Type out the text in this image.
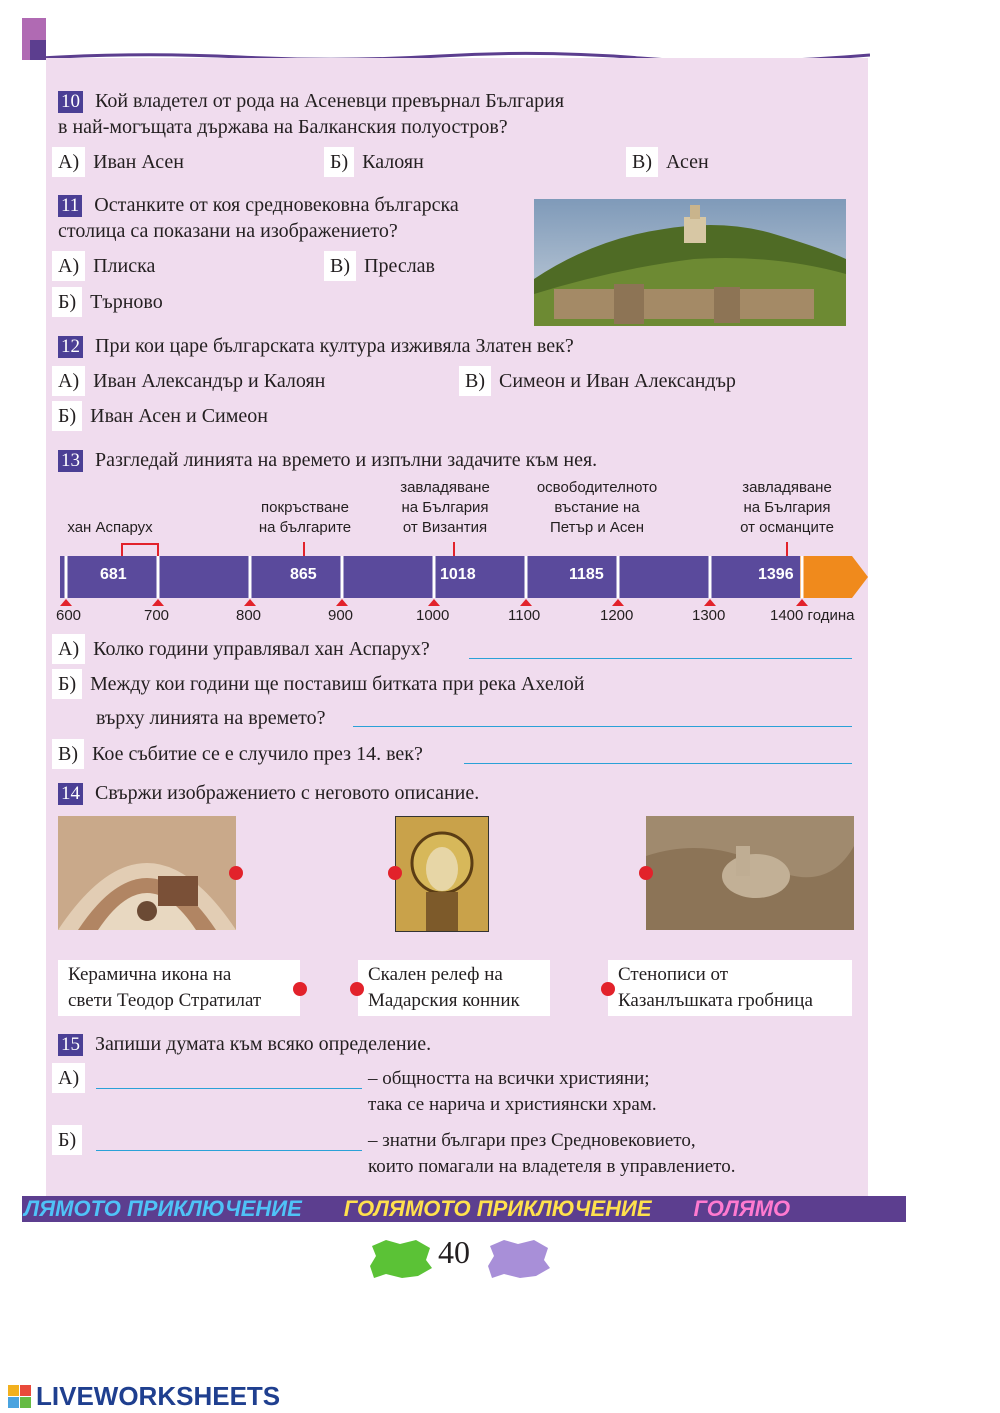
10 Кой владетел от рода на Асеневци превърнал България
в най-могъщата държава на Балканския полуостров?
А) Иван Асен	Б) Калоян	В) Асен
11 Останките от коя средновековна българска
столица са показани на изображението?
А) Плиска	В) Преслав
Б) Търново
12 При кои царе българската култура изживяла Златен век?
А) Иван Александър и Калоян	В) Симеон и Иван Александър
Б) Иван Асен и Симеон
13 Разгледай линията на времето и изпълни задачите към нея.
хан Аспарух
покръстване
на българите
завладяване
на България
от Византия
освободителното
въстание на
Петър и Асен
завладяване
на България
от османците
681	865	1018	1185	1396
600	700	800	900	1000	1100	1200	1300	1400 година
А) Колко години управлявал хан Аспарух?
Б) Между кои години ще поставиш битката при река Ахелой
върху линията на времето?
В) Кое събитие се е случило през 14. век?
14 Свържи изображението с неговото описание.
Керамична икона на
свети Теодор Стратилат
Скален релеф на
Мадарския конник
Стенописи от
Казанлъшката гробница
15 Запиши думата към всяко определение.
А)	– общността на всички християни;
така се нарича и християнски храм.
Б)	– знатни българи през Средновековието,
които помагали на владетеля в управлението.
ЛЯМОТО ПРИКЛЮЧЕНИЕ ГОЛЯМОТО ПРИКЛЮЧЕНИЕ ГОЛЯМО
40
LIVEWORKSHEETS
